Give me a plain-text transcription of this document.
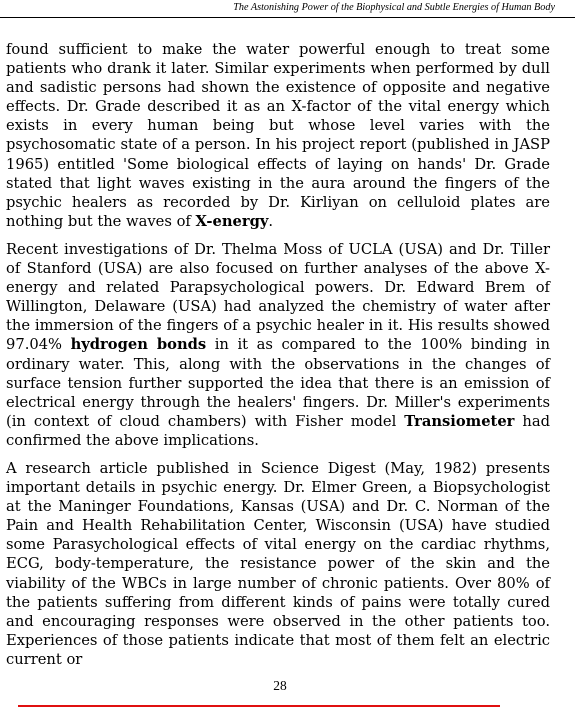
The Astonishing Power of the Biophysical and Subtle Energies of Human Body

found sufficient to make the water powerful enough to treat some patients who drank it later. Similar experiments when performed by dull and sadistic persons had shown the existence of opposite and negative effects. Dr. Grade described it as an X-factor of the vital energy which exists in every human being but whose level varies with the psychosomatic state of a person. In his project report (published in JASP 1965) entitled 'Some biological effects of laying on hands' Dr. Grade stated that light waves existing in the aura around the fingers of the psychic healers as recorded by Dr. Kirliyan on celluloid plates are nothing but the waves of X-energy.

Recent investigations of Dr. Thelma Moss of UCLA (USA) and Dr. Tiller of Stanford (USA) are also focused on further analyses of the above X-energy and related Parapsychological powers. Dr. Edward Brem of Willington, Delaware (USA) had analyzed the chemistry of water after the immersion of the fingers of a psychic healer in it. His results showed 97.04% hydrogen bonds in it as compared to the 100% binding in ordinary water. This, along with the observations in the changes of surface tension further supported the idea that there is an emission of electrical energy through the healers' fingers. Dr. Miller's experiments (in context of cloud chambers) with Fisher model Transiometer had confirmed the above implications.

A research article published in Science Digest (May, 1982) presents important details in psychic energy. Dr. Elmer Green, a Biopsychologist at the Maninger Foundations, Kansas (USA) and Dr. C. Norman of the Pain and Health Rehabilitation Center, Wisconsin (USA) have studied some Parasychological effects of vital energy on the cardiac rhythms, ECG, body-temperature, the resistance power of the skin and the viability of the WBCs in large number of chronic patients. Over 80% of the patients suffering from different kinds of pains were totally cured and encouraging responses were observed in the other patients too. Experiences of those patients indicate that most of them felt an electric current or

28
